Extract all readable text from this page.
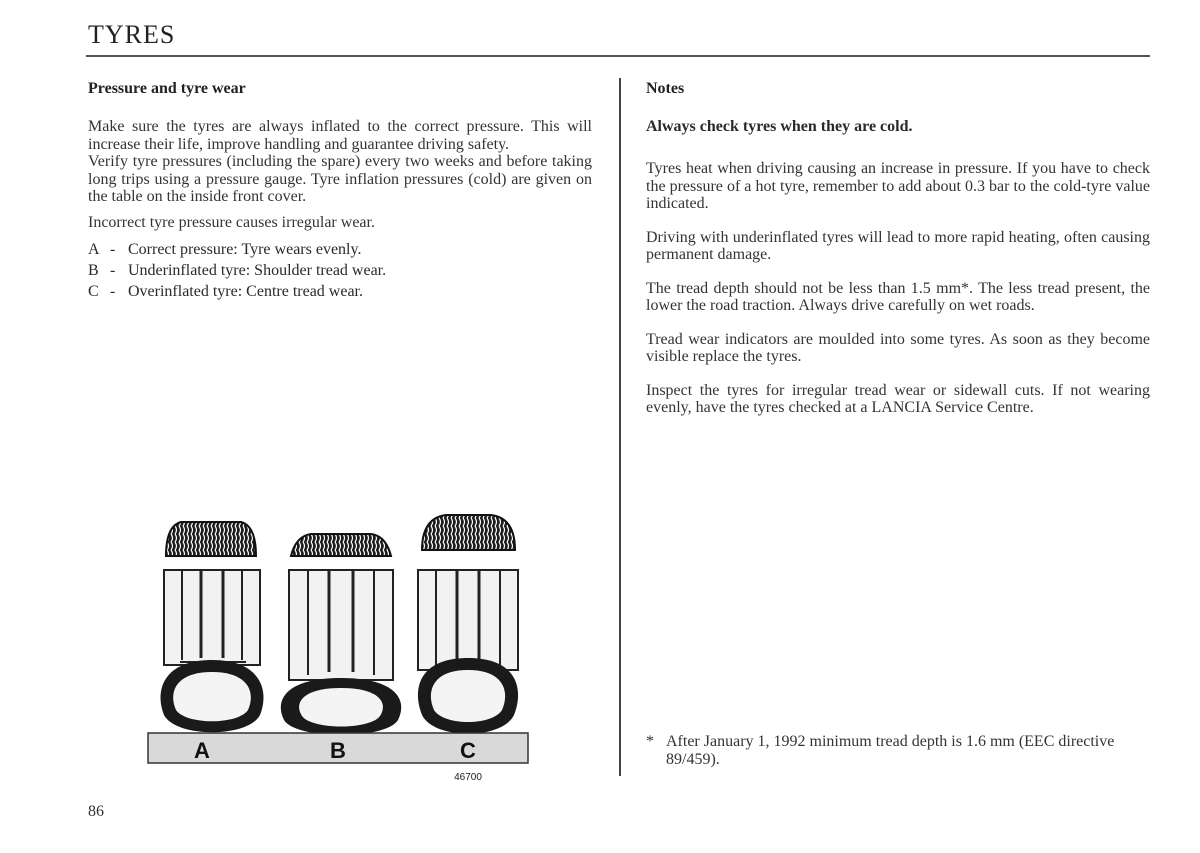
TYRES
Pressure and tyre wear

Make sure the tyres are always inflated to the correct pressure. This will increase their life, improve handling and guarantee driving safety.

Verify tyre pressures (including the spare) every two weeks and before taking long trips using a pressure gauge. Tyre inflation pressures (cold) are given on the table on the inside front cover.

Incorrect tyre pressure causes irregular wear.

A - Correct pressure: Tyre wears evenly.
B - Underinflated tyre: Shoulder tread wear.
C - Overinflated tyre: Centre tread wear.
A	B	C
46700
Notes
Always check tyres when they are cold.

Tyres heat when driving causing an increase in pressure. If you have to check the pressure of a hot tyre, remember to add about 0.3 bar to the cold-tyre value indicated.

Driving with underinflated tyres will lead to more rapid heating, often causing permanent damage.

The tread depth should not be less than 1.5 mm*. The less tread present, the lower the road traction. Always drive carefully on wet roads.

Tread wear indicators are moulded into some tyres. As soon as they become visible replace the tyres.

Inspect the tyres for irregular tread wear or sidewall cuts. If not wearing evenly, have the tyres checked at a LANCIA Service Centre.

* After January 1, 1992 minimum tread depth is 1.6 mm (EEC directive 89/459).
86
